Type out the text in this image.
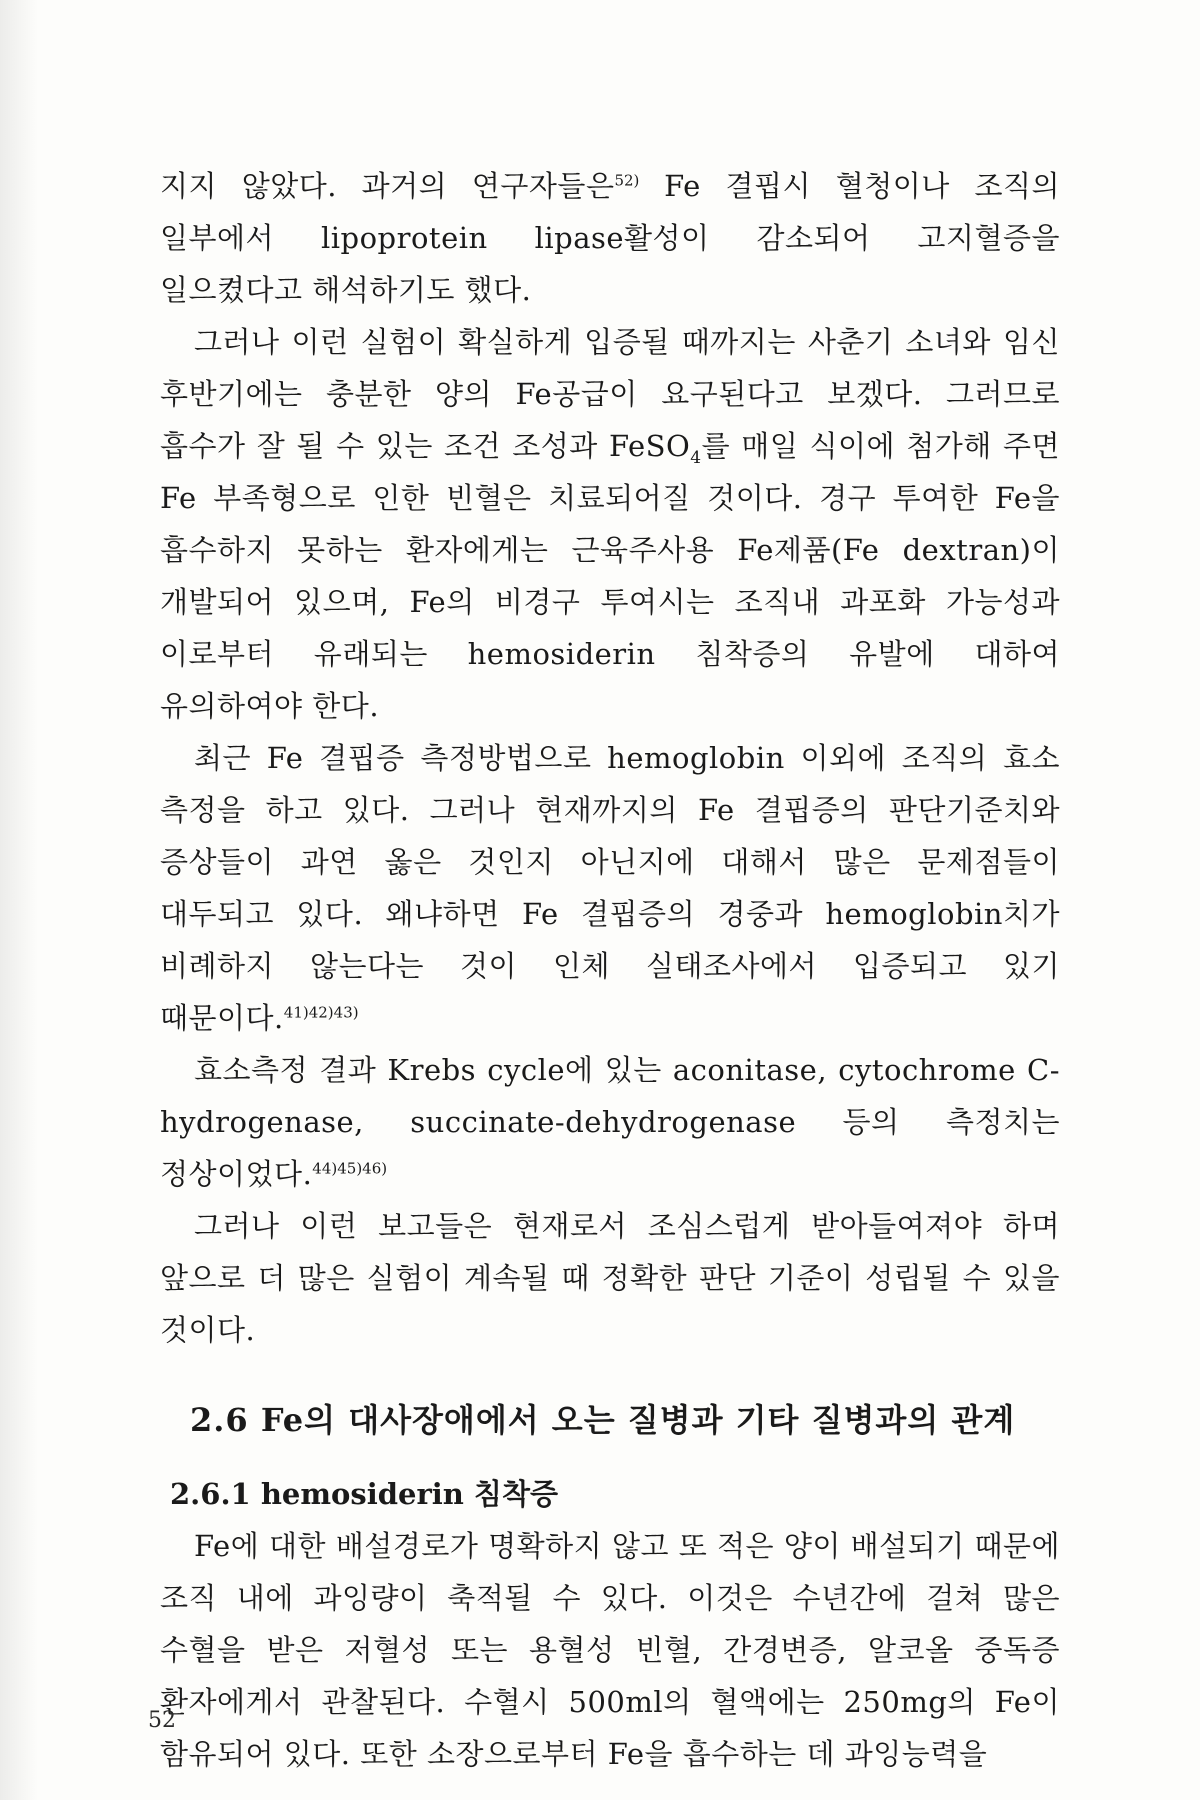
지지 않았다. 과거의 연구자들은$^{52)}$ Fe 결핍시 혈청이나 조직의 일부에서 lipoprotein lipase활성이 감소되어 고지혈증을 일으켰다고 해석하기도 했다.

그러나 이런 실험이 확실하게 입증될 때까지는 사춘기 소녀와 임신 후반기에는 충분한 양의 Fe공급이 요구된다고 보겠다. 그러므로 흡수가 잘 될 수 있는 조건 조성과 FeSO$_4$를 매일 식이에 첨가해 주면 Fe 부족형으로 인한 빈혈은 치료되어질 것이다. 경구 투여한 Fe을 흡수하지 못하는 환자에게는 근육주사용 Fe제품(Fe dextran)이 개발되어 있으며, Fe의 비경구 투여시는 조직내 과포화 가능성과 이로부터 유래되는 hemosiderin 침착증의 유발에 대하여 유의하여야 한다.

최근 Fe 결핍증 측정방법으로 hemoglobin 이외에 조직의 효소 측정을 하고 있다. 그러나 현재까지의 Fe 결핍증의 판단기준치와 증상들이 과연 옳은 것인지 아닌지에 대해서 많은 문제점들이 대두되고 있다. 왜냐하면 Fe 결핍증의 경중과 hemoglobin치가 비례하지 않는다는 것이 인체 실태조사에서 입증되고 있기 때문이다.$^{41)42)43)}$

효소측정 결과 Krebs cycle에 있는 aconitase, cytochrome C-hydrogenase, succinate-dehydrogenase 등의 측정치는 정상이었다.$^{44)45)46)}$

그러나 이런 보고들은 현재로서 조심스럽게 받아들여져야 하며 앞으로 더 많은 실험이 계속될 때 정확한 판단 기준이 성립될 수 있을 것이다.

2.6 Fe의 대사장애에서 오는 질병과 기타 질병과의 관계
2.6.1 hemosiderin 침착증

Fe에 대한 배설경로가 명확하지 않고 또 적은 양이 배설되기 때문에 조직 내에 과잉량이 축적될 수 있다. 이것은 수년간에 걸쳐 많은 수혈을 받은 저혈성 또는 용혈성 빈혈, 간경변증, 알코올 중독증 환자에게서 관찰된다. 수혈시 500ml의 혈액에는 250mg의 Fe이 함유되어 있다. 또한 소장으로부터 Fe을 흡수하는 데 과잉능력을

52
